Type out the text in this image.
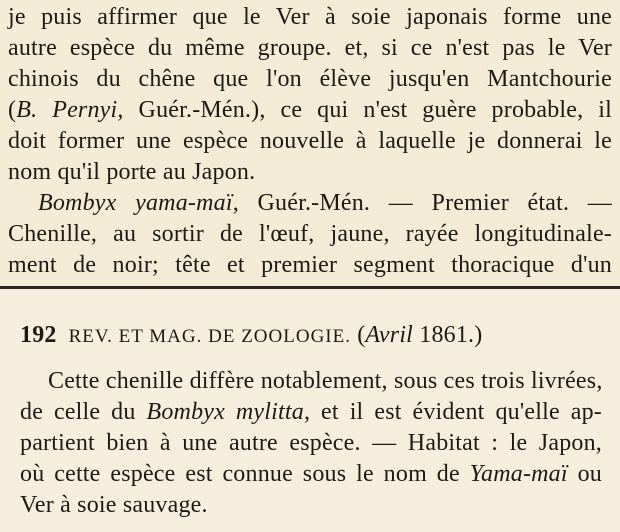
je puis affirmer que le Ver à soie japonais forme une
autre espèce du même groupe. et, si ce n'est pas le Ver
chinois du chêne que l'on élève jusqu'en Mantchourie
(B. Pernyi, Guér.-Mén.), ce qui n'est guère probable, il
doit former une espèce nouvelle à laquelle je donnerai le
nom qu'il porte au Japon.
Bombyx yama-maï, Guér.-Mén. — Premier état. —
Chenille, au sortir de l'œuf, jaune, rayée longitudinale-
ment de noir; tête et premier segment thoracique d'un
192 REV. ET MAG. DE ZOOLOGIE. (Avril 1861.)
Cette chenille diffère notablement, sous ces trois livrées,
de celle du Bombyx mylitta, et il est évident qu'elle ap-
partient bien à une autre espèce. — Habitat : le Japon,
où cette espèce est connue sous le nom de Yama-maï ou
Ver à soie sauvage.
